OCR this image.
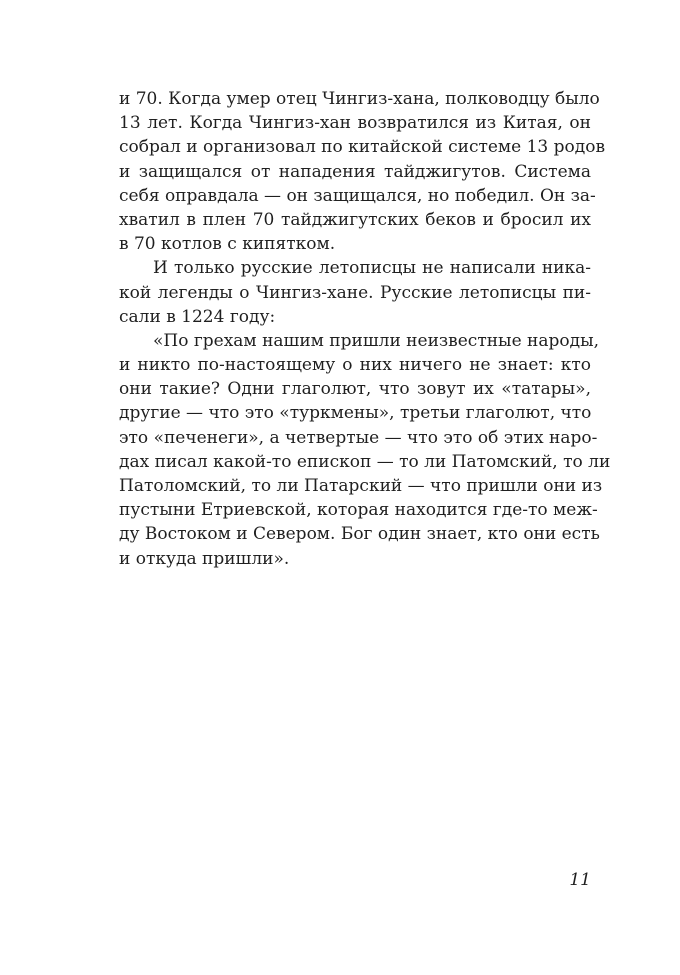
и 70. Когда умер отец Чингиз-хана, полководцу было
13 лет. Когда Чингиз-хан возвратился из Китая, он
собрал и организовал по китайской системе 13 родов
и защищался от нападения тайджигутов. Система
себя оправдала — он защищался, но победил. Он за-
хватил в плен 70 тайджигутских беков и бросил их
в 70 котлов с кипятком.
И только русские летописцы не написали ника-
кой легенды о Чингиз-хане. Русские летописцы пи-
сали в 1224 году:
«По грехам нашим пришли неизвестные народы,
и никто по-настоящему о них ничего не знает: кто
они такие? Одни глаголют, что зовут их «татары»,
другие — что это «туркмены», третьи глаголют, что
это «печенеги», а четвертые — что это об этих наро-
дах писал какой-то епископ — то ли Патомский, то ли
Патоломский, то ли Патарский — что пришли они из
пустыни Етриевской, которая находится где-то меж-
ду Востоком и Севером. Бог один знает, кто они есть
и откуда пришли».
11
